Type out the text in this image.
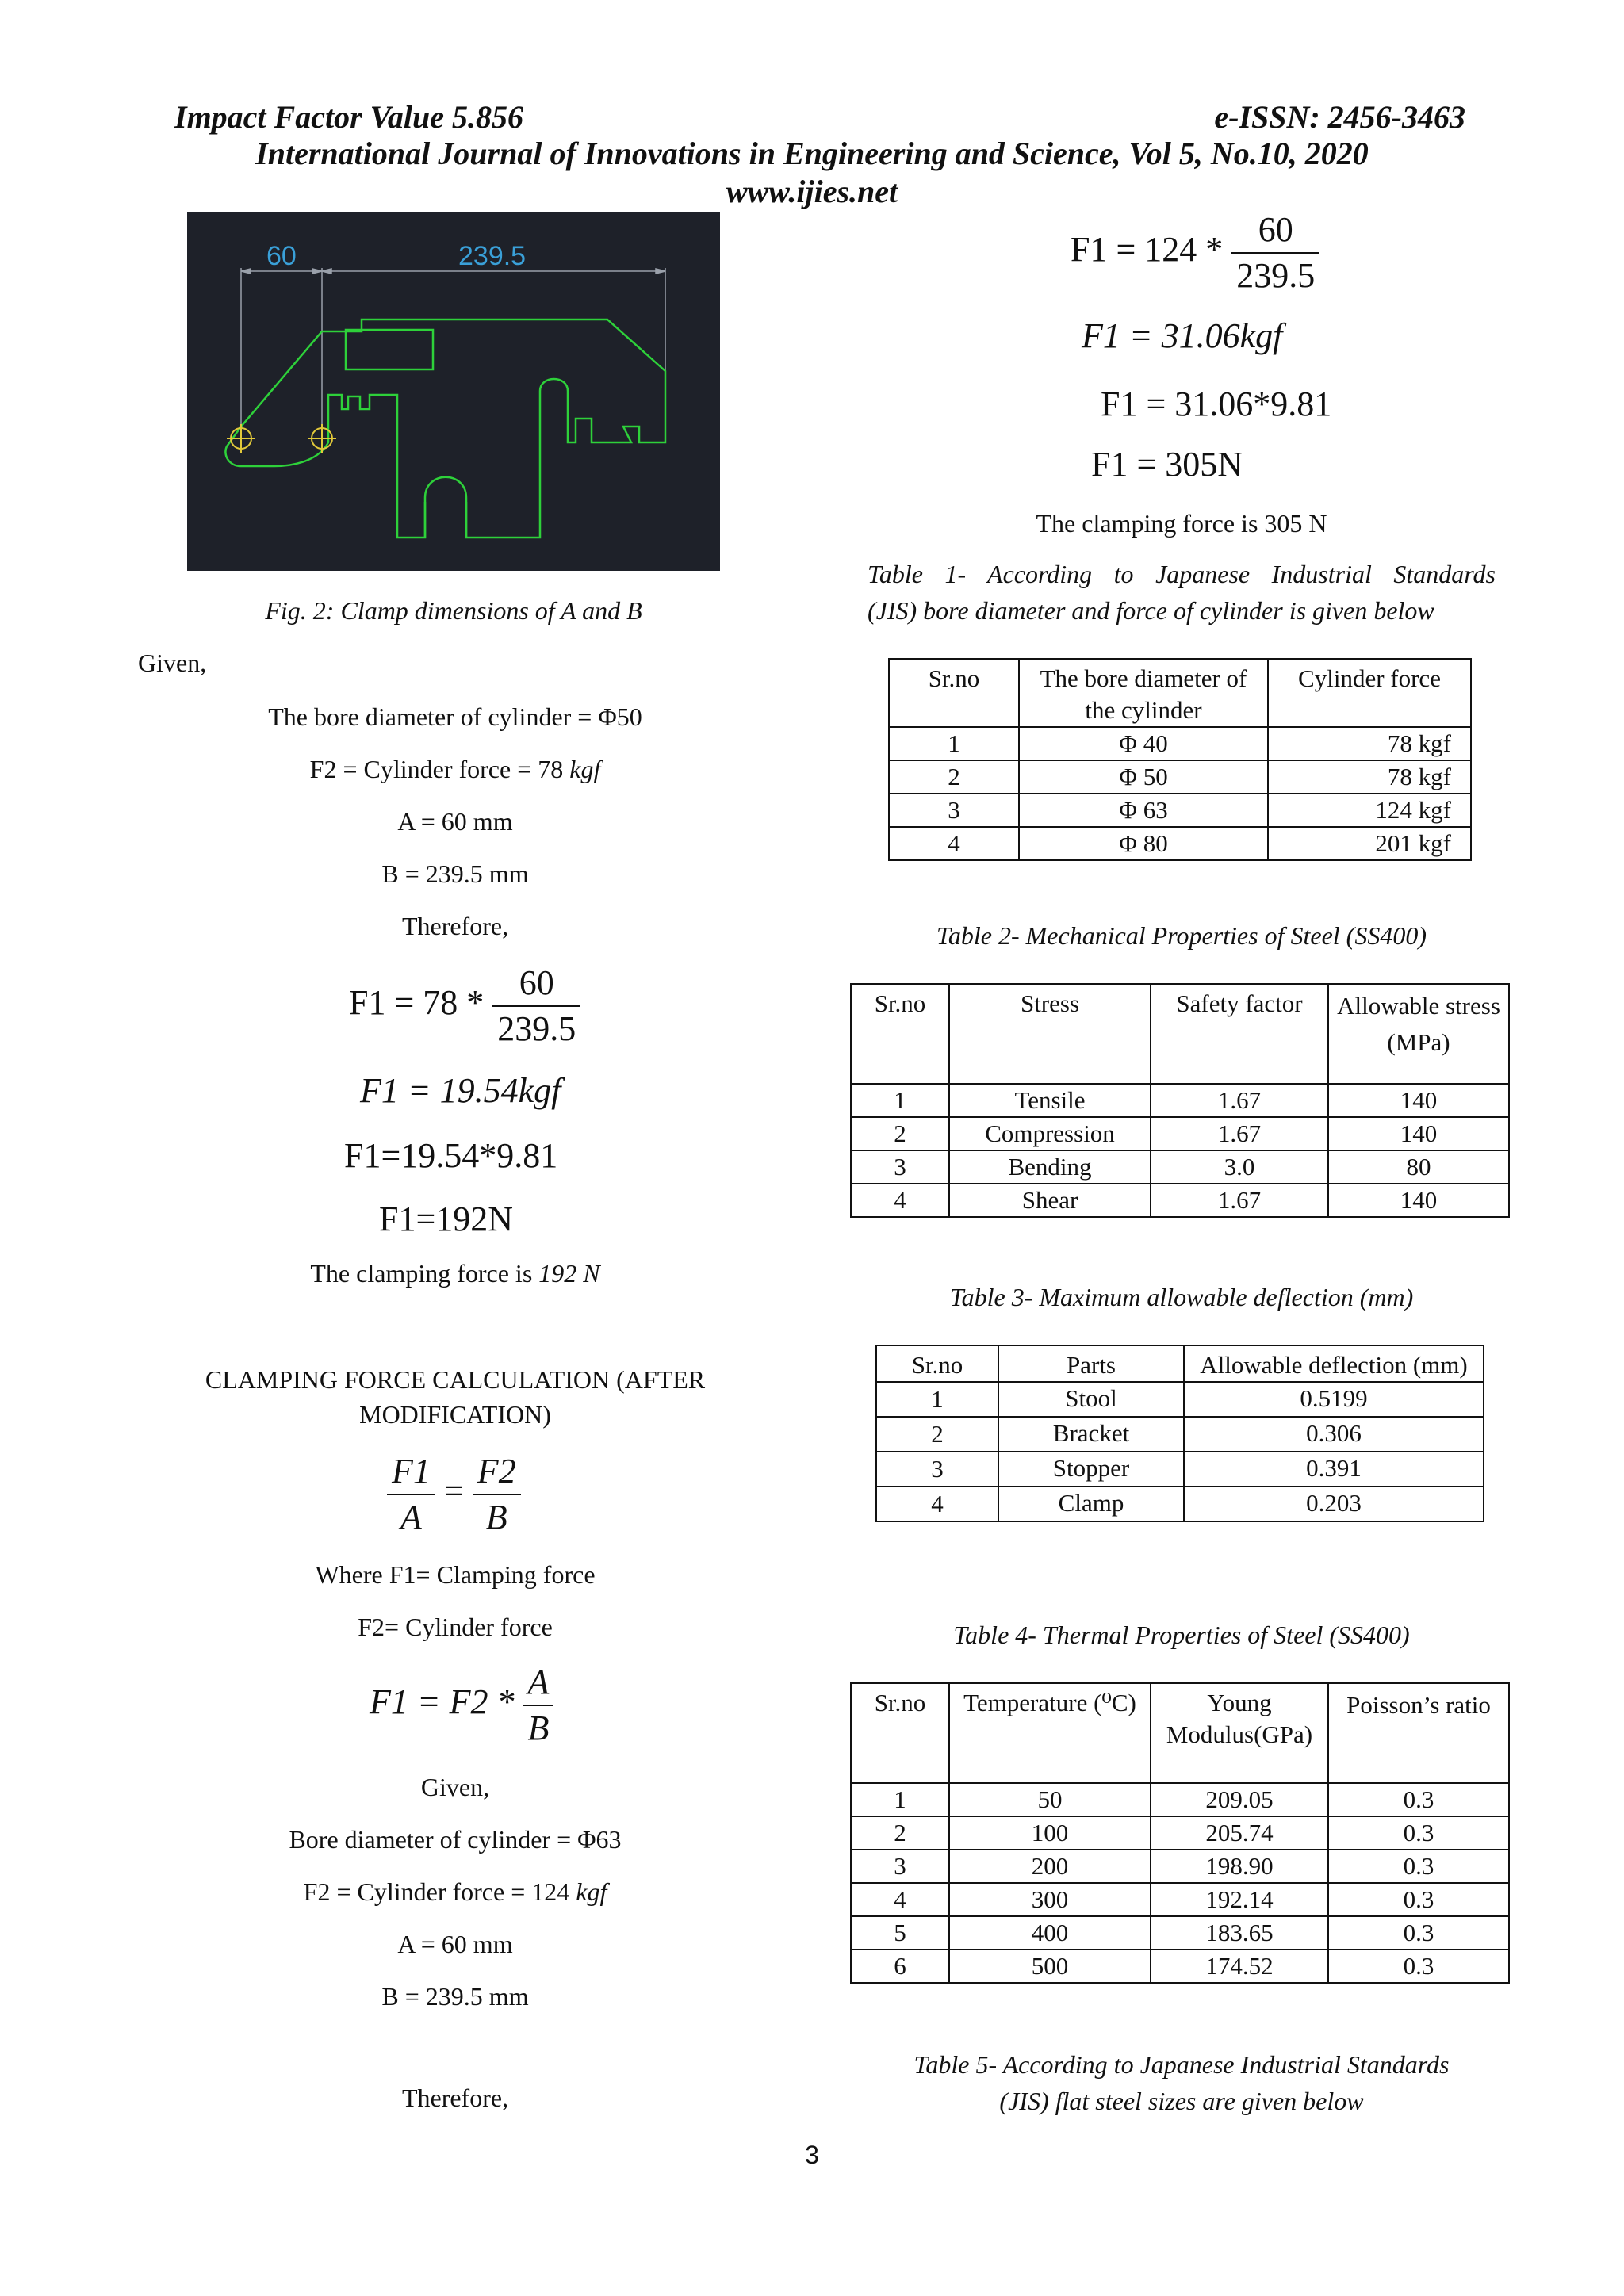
Impact Factor Value 5.856	e-ISSN: 2456-3463
International Journal of Innovations in Engineering and Science, Vol 5, No.10, 2020
www.ijies.net
60	239.5
Fig. 2: Clamp dimensions of A and B
Given,
The bore diameter of cylinder = Φ50
F2 = Cylinder force = 78 kgf
A = 60 mm
B = 239.5 mm
Therefore,
$F1 = 78 * \frac{60}{239.5}$
F1 = 19.54kgf
F1=19.54*9.81
F1=192N
The clamping force is 192 N
CLAMPING FORCE CALCULATION (AFTER
MODIFICATION)
$\frac{F1}{A} = \frac{F2}{B}$
Where F1= Clamping force
F2= Cylinder force
$F1 = F2 * \frac{A}{B}$
Given,
Bore diameter of cylinder = Φ63
F2 = Cylinder force = 124 kgf
A = 60 mm
B = 239.5 mm
Therefore,
$F1 = 124 * \frac{60}{239.5}$
F1 = 31.06kgf
F1 = 31.06*9.81
F1 = 305N
The clamping force is 305 N
Table 1- According to Japanese Industrial Standards
(JIS) bore diameter and force of cylinder is given below
Sr.no	The bore diameter of the cylinder	Cylinder force
1	Φ 40	78 kgf
2	Φ 50	78 kgf
3	Φ 63	124 kgf
4	Φ 80	201 kgf
Table 2- Mechanical Properties of Steel (SS400)
Sr.no	Stress	Safety factor	Allowable stress (MPa)
1	Tensile	1.67	140
2	Compression	1.67	140
3	Bending	3.0	80
4	Shear	1.67	140
Table 3- Maximum allowable deflection (mm)
Sr.no	Parts	Allowable deflection (mm)
1	Stool	0.5199
2	Bracket	0.306
3	Stopper	0.391
4	Clamp	0.203
Table 4- Thermal Properties of Steel (SS400)
Sr.no	Temperature (⁰C)	Young Modulus(GPa)	Poisson’s ratio
1	50	209.05	0.3
2	100	205.74	0.3
3	200	198.90	0.3
4	300	192.14	0.3
5	400	183.65	0.3
6	500	174.52	0.3
Table 5- According to Japanese Industrial Standards
(JIS) flat steel sizes are given below
3
